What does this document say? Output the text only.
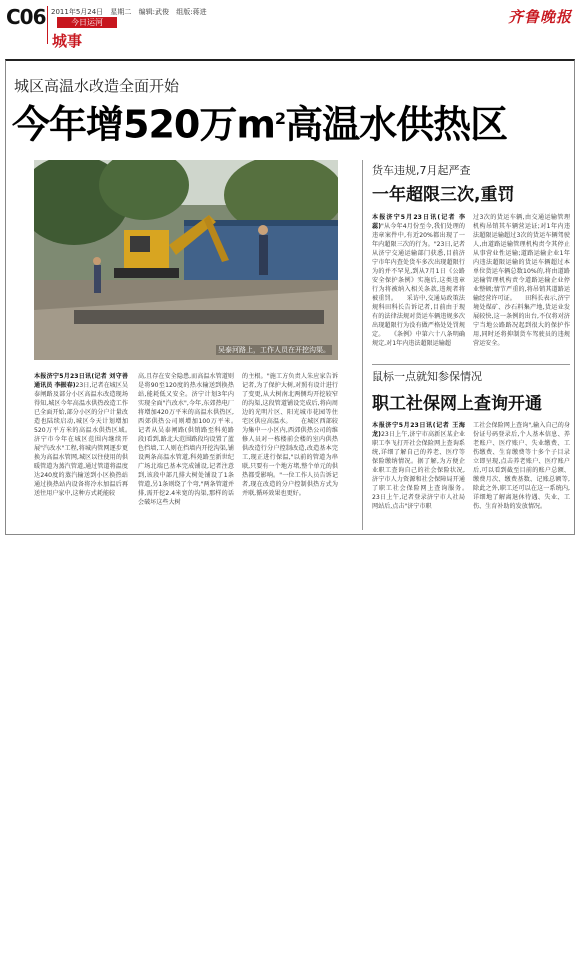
C06 2011年5月24日 星期二 编辑:武俊 组版:蒋进
今日运河
城事
齐鲁晚报
城区高温水改造全面开始
今年增520万$m^2$高温水供热区
吴泰河路上，工作人员在开挖沟渠。
本报济宁5月23日讯(记者 刘守善 通讯员 李振春)23日,记者在城区吴泰闸路及部分小区高温水改造现场得知,城区今年高温水供热改造工作已全面开始,部分小区的分户计量改造也陆续启动,城区今天计划增加520万平方米的高温水供热区域。　　济宁市今年在城区范围内继续开展"汽改水"工程,将城内管网逐步更换为高温水管网,城区以往使用的供暖管道为蒸汽管道,通过管道将温度达240度的蒸汽输送到小区换热站通过换热站内设备将冷水加温后再送往用户家中,这种方式耗能较
高,且存在安全隐患,而高温水管道则是将90至120度的热水输送到换热站,能耗低又安全。济宁计划3年内实现全面"汽改水",今年,东郊热电厂将增加420万平米的高温水供热区,西郊供热公司则增加100万平米。　　记者从吴泰闸路(供销路至科苑路段)看到,路北大范围路段均设置了蓝色挡墙,工人则在挡墙内开挖沟渠,铺设两条高温水管道,科苑路至新世纪广场北端已基本完成铺设,记者注意到,该段中部几排大树处铺设了1条管道,另1条则绕了个弯,"两条管道并排,需开挖2.4米宽的沟渠,那样的话会破坏这些大树
的主根。"施工方负责人朱应家告诉记者,为了保护大树,对照有设计进行了变更,从大树南北两侧均开挖较窄的沟渠,这段管道铺设完成后,将向周边的光明片区、阳光城市花园等住宅区供应高温水。　　在城区西部较为集中一小区内,西郊供热公司的维修人员对一栋楼前会楼的室内供热供改造行分户控制改造,改造基本完工,现正进行保温,"以前的管道为串联,只要有一个地方堵,整个单元的供热都受影响。"一位工作人员告诉记者,现在改造的分户控制供热方式为并联,循环效果也更好。
货车违规,7月起严查
一年超限三次,重罚
本报济宁5月23日讯(记者 李蕊)"从今年4月份至今,我们处理的违章案件中,有近20%都出现了一年内超限三次的行为。"23日,记者从济宁交通运输部门获悉,目前济宁市年内查处货车多次出现超限行为的并不罕见,到从7月1日《公路安全保护条例》实施后,这类违章行为将被纳入相关条款,违规者将被重罚。　　采访中,交通局政策法规科田科长告诉记者,目前由于现有的法律法规对货运车辆违规多次出现超限行为没有做严格处处罚规定。　　《条例》中第六十八条明确规定,对1年内违法超限运输超
过3次的货运车辆,由交通运输管理机构吊销其车辆营运证;对1年内违法超限运输超过3次的货运车辆驾驶人,由道路运输管理机构责令其停止从事营业性运输;道路运输企业1年内违法超限运输的货运车辆超过本单位货运车辆总数10%的,将由道路运输管理机构责令道路运输企业停业整顿;情节严重的,将吊销其道路运输经营许可证。　　田科长表示,济宁境处煤矿、沙石料集产地,货运业发展较快,这一条例的出台,不仅将对济宁当地公路路况起到很大的保护作用,同时还将抑制货车驾驶员的违规营运安全。
鼠标一点就知参保情况
职工社保网上查询开通
本报济宁5月23日讯(记者 王海龙)23日上午,济宁市高新区某企业职工李飞打开社会保险网上查询系统,详细了解自己的养老、医疗等保险缴纳情况。据了解,为方便企业职工查询自己的社会保险状况,济宁市人力资源和社会保障局开通了职工社会保险网上查询服务。　　23日上午,记者登录济宁市人社局网站后,点击"济宁市职
工社会保险网上查询",输入自己的身份证号码登录后,个人基本信息、养老账户、医疗账户、失业缴费、工伤缴费、生育缴费等十多个子目录立即呈现,点击养老账户、医疗账户后,可以看到截至目前的账户总额、缴费月次、缴费基数、记账总额等,除此之外,职工还可以在这一系统内,详细地了解离退休待遇、失业、工伤、生育补助的发放情况。
